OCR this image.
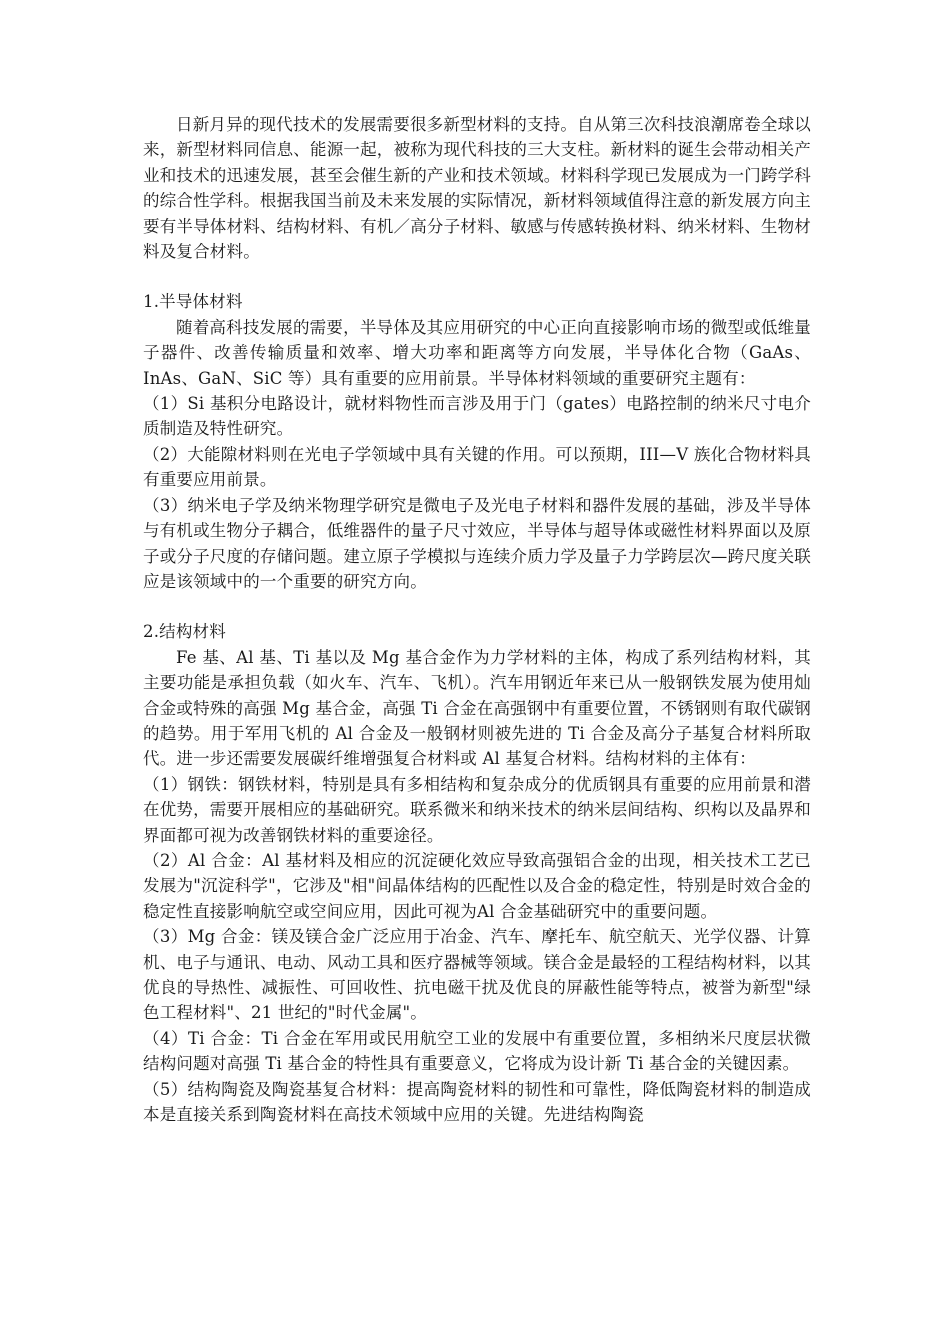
日新月异的现代技术的发展需要很多新型材料的支持。自从第三次科技浪潮席卷全球以来，新型材料同信息、能源一起，被称为现代科技的三大支柱。新材料的诞生会带动相关产业和技术的迅速发展，甚至会催生新的产业和技术领域。材料科学现已发展成为一门跨学科的综合性学科。根据我国当前及未来发展的实际情况，新材料领域值得注意的新发展方向主要有半导体材料、结构材料、有机／高分子材料、敏感与传感转换材料、纳米材料、生物材料及复合材料。

1.半导体材料

随着高科技发展的需要，半导体及其应用研究的中心正向直接影响市场的微型或低维量子器件、改善传输质量和效率、增大功率和距离等方向发展，半导体化合物（GaAs、InAs、GaN、SiC 等）具有重要的应用前景。半导体材料领域的重要研究主题有：

（1）Si 基积分电路设计，就材料物性而言涉及用于门（gates）电路控制的纳米尺寸电介质制造及特性研究。

（2）大能隙材料则在光电子学领域中具有关键的作用。可以预期，III—V 族化合物材料具有重要应用前景。

（3）纳米电子学及纳米物理学研究是微电子及光电子材料和器件发展的基础，涉及半导体与有机或生物分子耦合，低维器件的量子尺寸效应，半导体与超导体或磁性材料界面以及原子或分子尺度的存储问题。建立原子学模拟与连续介质力学及量子力学跨层次—跨尺度关联应是该领域中的一个重要的研究方向。

2.结构材料

Fe 基、Al 基、Ti 基以及 Mg 基合金作为力学材料的主体，构成了系列结构材料，其主要功能是承担负载（如火车、汽车、飞机）。汽车用钢近年来已从一般钢铁发展为使用灿合金或特殊的高强 Mg 基合金，高强 Ti 合金在高强钢中有重要位置，不锈钢则有取代碳钢的趋势。用于军用飞机的 Al 合金及一般钢材则被先进的 Ti 合金及高分子基复合材料所取代。进一步还需要发展碳纤维增强复合材料或 Al 基复合材料。结构材料的主体有：

（1）钢铁：钢铁材料，特别是具有多相结构和复杂成分的优质钢具有重要的应用前景和潜在优势，需要开展相应的基础研究。联系微米和纳米技术的纳米层间结构、织构以及晶界和界面都可视为改善钢铁材料的重要途径。

（2）Al 合金：Al 基材料及相应的沉淀硬化效应导致高强铝合金的出现，相关技术工艺已发展为"沉淀科学"，它涉及"相"间晶体结构的匹配性以及合金的稳定性，特别是时效合金的稳定性直接影响航空或空间应用，因此可视为Al 合金基础研究中的重要问题。

（3）Mg 合金：镁及镁合金广泛应用于冶金、汽车、摩托车、航空航天、光学仪器、计算机、电子与通讯、电动、风动工具和医疗器械等领域。镁合金是最轻的工程结构材料，以其优良的导热性、减振性、可回收性、抗电磁干扰及优良的屏蔽性能等特点，被誉为新型"绿色工程材料"、21 世纪的"时代金属"。

（4）Ti 合金：Ti 合金在军用或民用航空工业的发展中有重要位置，多相纳米尺度层状微结构问题对高强 Ti 基合金的特性具有重要意义，它将成为设计新 Ti 基合金的关键因素。

（5）结构陶瓷及陶瓷基复合材料：提高陶瓷材料的韧性和可靠性，降低陶瓷材料的制造成本是直接关系到陶瓷材料在高技术领域中应用的关键。先进结构陶瓷
